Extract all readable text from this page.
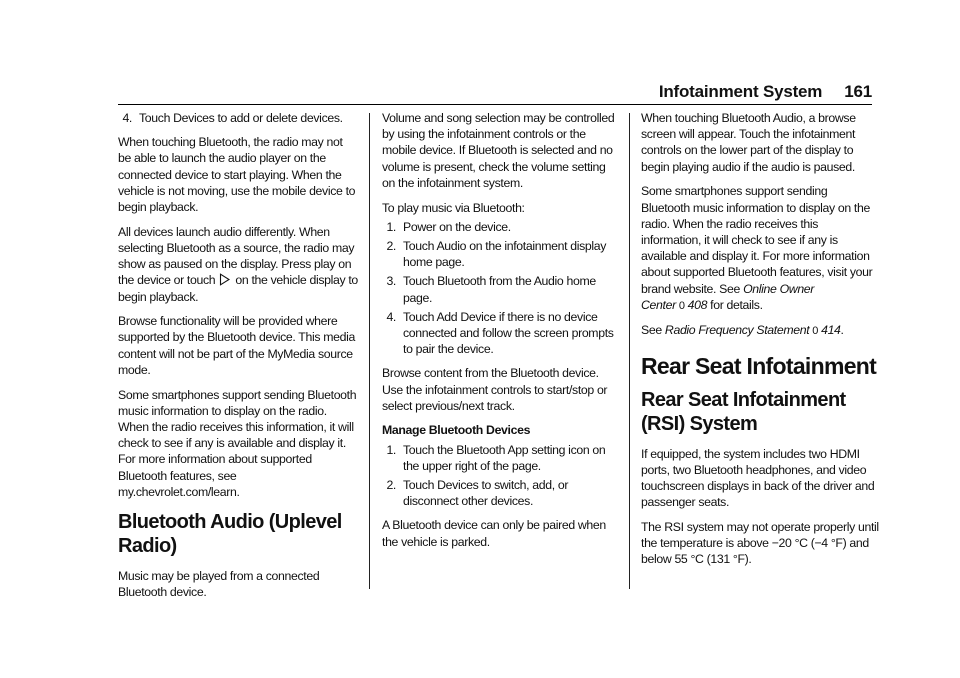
Infotainment System 161
4. Touch Devices to add or delete devices.

When touching Bluetooth, the radio may not be able to launch the audio player on the connected device to start playing. When the vehicle is not moving, use the mobile device to begin playback.

All devices launch audio differently. When selecting Bluetooth as a source, the radio may show as paused on the display. Press play on the device or touch on the vehicle display to begin playback.

Browse functionality will be provided where supported by the Bluetooth device. This media content will not be part of the MyMedia source mode.

Some smartphones support sending Bluetooth music information to display on the radio. When the radio receives this information, it will check to see if any is available and display it. For more information about supported Bluetooth features, see my.chevrolet.com/learn.

Bluetooth Audio (Uplevel Radio)

Music may be played from a connected Bluetooth device.

Volume and song selection may be controlled by using the infotainment controls or the mobile device. If Bluetooth is selected and no volume is present, check the volume setting on the infotainment system.

To play music via Bluetooth:

1. Power on the device.
2. Touch Audio on the infotainment display home page.
3. Touch Bluetooth from the Audio home page.
4. Touch Add Device if there is no device connected and follow the screen prompts to pair the device.

Browse content from the Bluetooth device. Use the infotainment controls to start/stop or select previous/next track.

Manage Bluetooth Devices
1. Touch the Bluetooth App setting icon on the upper right of the page.
2. Touch Devices to switch, add, or disconnect other devices.

A Bluetooth device can only be paired when the vehicle is parked.

When touching Bluetooth Audio, a browse screen will appear. Touch the infotainment controls on the lower part of the display to begin playing audio if the audio is paused.

Some smartphones support sending Bluetooth music information to display on the radio. When the radio receives this information, it will check to see if any is available and display it. For more information about supported Bluetooth features, visit your brand website. See Online Owner Center 0 408 for details.

See Radio Frequency Statement 0 414.

Rear Seat Infotainment
Rear Seat Infotainment (RSI) System

If equipped, the system includes two HDMI ports, two Bluetooth headphones, and video touchscreen displays in back of the driver and passenger seats.

The RSI system may not operate properly until the temperature is above −20 °C (−4 °F) and below 55 °C (131 °F).
